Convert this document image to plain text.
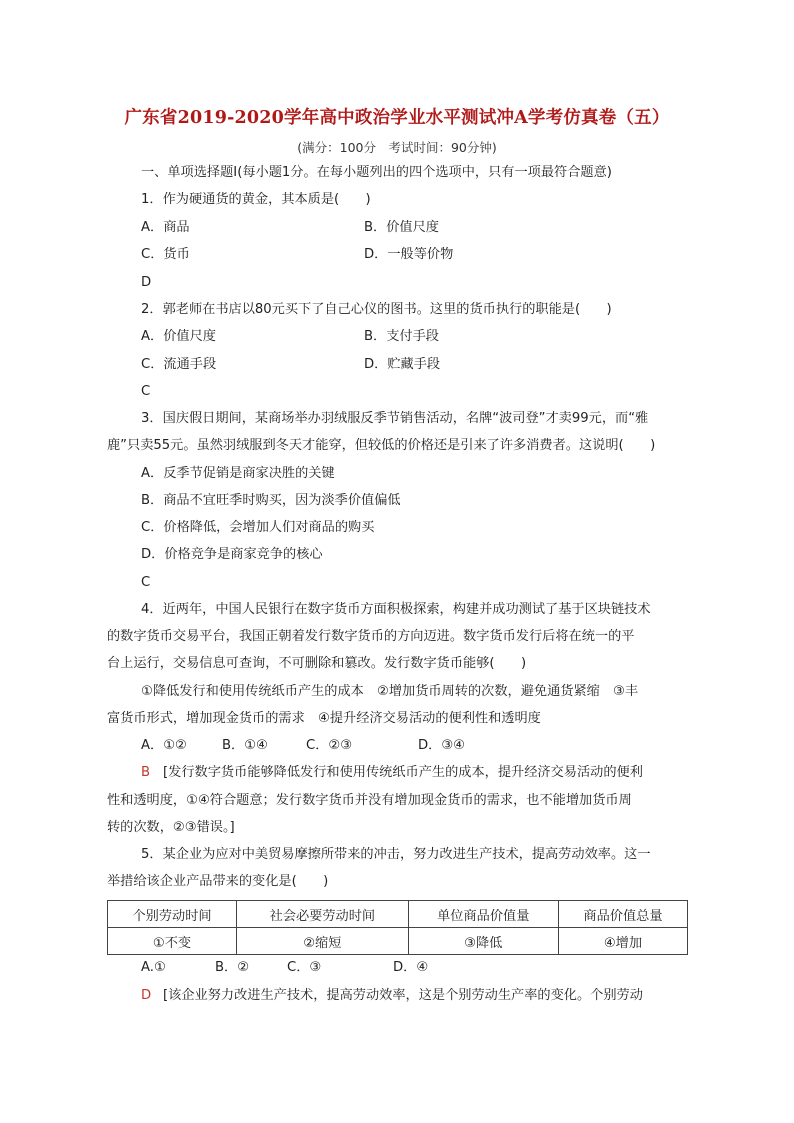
广东省2019-2020学年高中政治学业水平测试冲A学考仿真卷（五）
(满分：100分　考试时间：90分钟)
一、单项选择题Ⅰ(每小题1分。在每小题列出的四个选项中，只有一项最符合题意)
1．作为硬通货的黄金，其本质是(　　)
A．商品	B．价值尺度
C．货币	D．一般等价物
D
2．郭老师在书店以80元买下了自己心仪的图书。这里的货币执行的职能是(　　)
A．价值尺度	B．支付手段
C．流通手段	D．贮藏手段
C
3．国庆假日期间，某商场举办羽绒服反季节销售活动，名牌“波司登”才卖99元，而“雅
鹿”只卖55元。虽然羽绒服到冬天才能穿，但较低的价格还是引来了许多消费者。这说明(　　)
A．反季节促销是商家决胜的关键
B．商品不宜旺季时购买，因为淡季价值偏低
C．价格降低，会增加人们对商品的购买
D．价格竞争是商家竞争的核心
C
4．近两年，中国人民银行在数字货币方面积极探索，构建并成功测试了基于区块链技术
的数字货币交易平台，我国正朝着发行数字货币的方向迈进。数字货币发行后将在统一的平
台上运行，交易信息可查询，不可删除和篡改。发行数字货币能够(　　)
①降低发行和使用传统纸币产生的成本　②增加货币周转的次数，避免通货紧缩　③丰
富货币形式，增加现金货币的需求　④提升经济交易活动的便利性和透明度
A．①②	B．①④	C．②③	D．③④
B [发行数字货币能够降低发行和使用传统纸币产生的成本，提升经济交易活动的便利
性和透明度，①④符合题意；发行数字货币并没有增加现金货币的需求，也不能增加货币周
转的次数，②③错误。]
5．某企业为应对中美贸易摩擦所带来的冲击，努力改进生产技术，提高劳动效率。这一
举措给该企业产品带来的变化是(　　)
个别劳动时间	社会必要劳动时间	单位商品价值量	商品价值总量
①不变	②缩短	③降低	④增加
A.①	B．②	C．③	D．④
D [该企业努力改进生产技术，提高劳动效率，这是个别劳动生产率的变化。个别劳动
